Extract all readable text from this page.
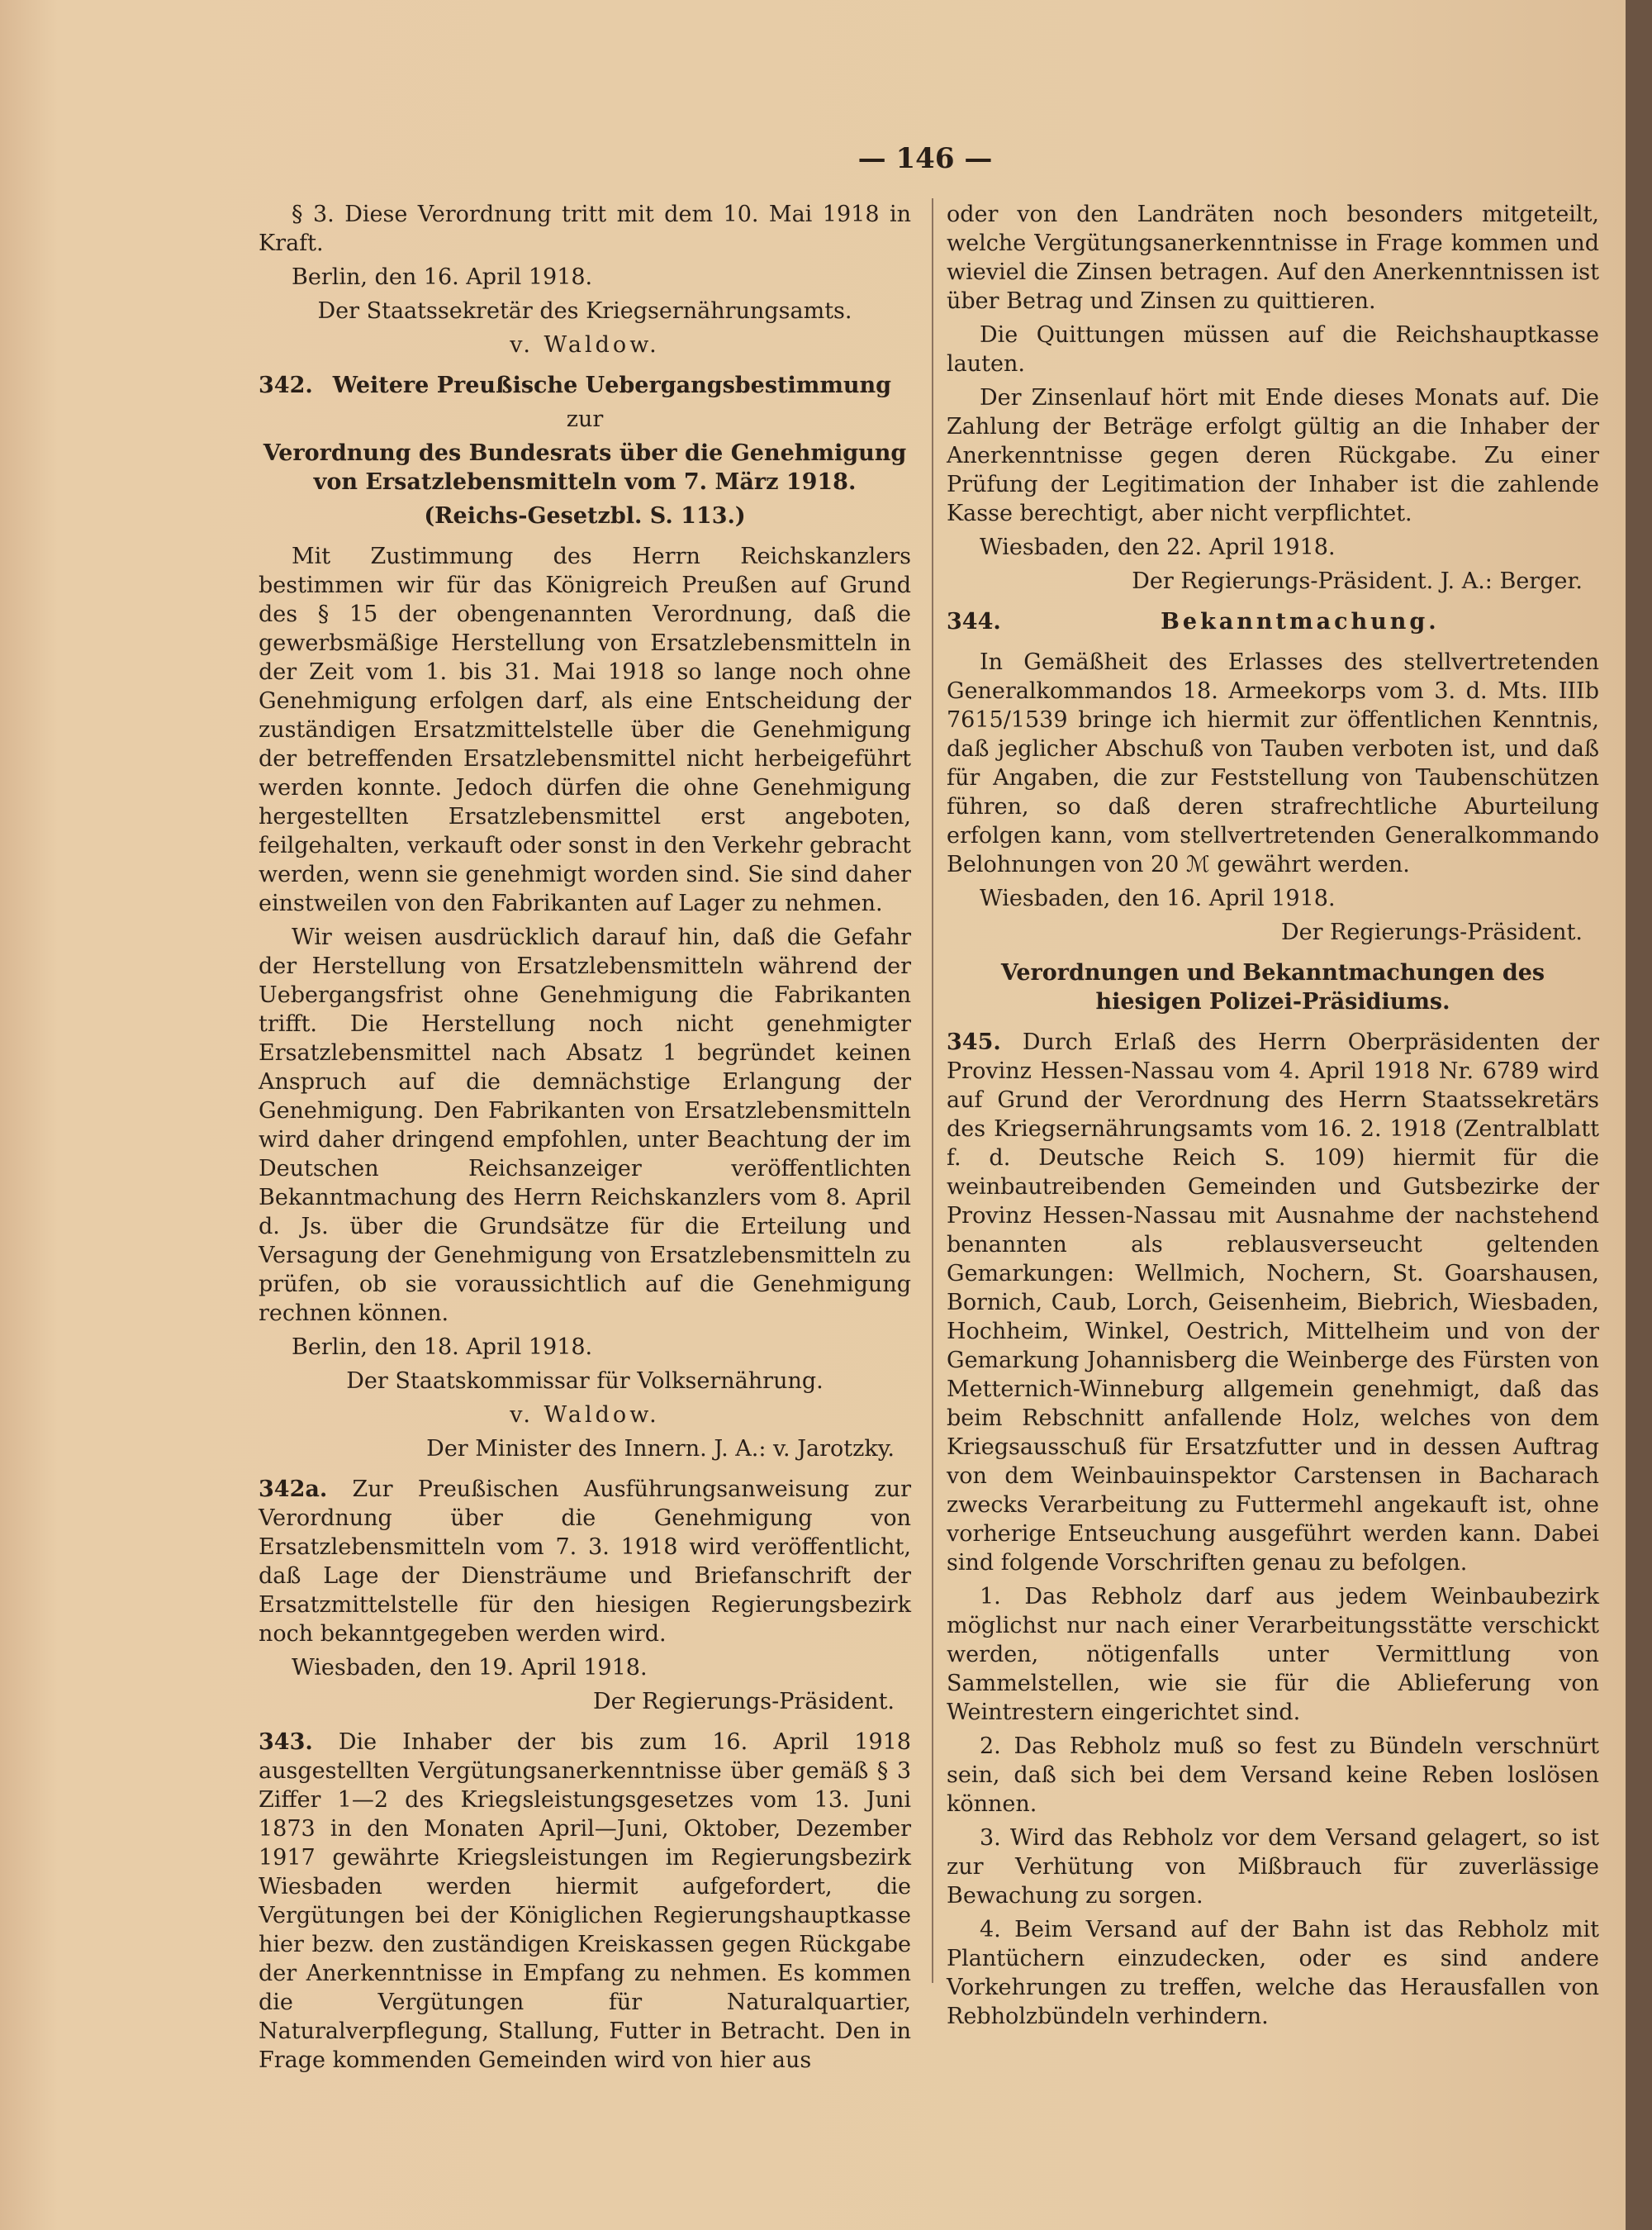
— 146 —

§ 3. Diese Verordnung tritt mit dem 10. Mai 1918 in Kraft.

Berlin, den 16. April 1918.

Der Staatssekretär des Kriegsernährungsamts.

v. Waldow.

342. Weitere Preußische Uebergangsbestimmung

zur

Verordnung des Bundesrats über die Genehmigung von Ersatzlebensmitteln vom 7. März 1918.

(Reichs-Gesetzbl. S. 113.)

Mit Zustimmung des Herrn Reichskanzlers bestimmen wir für das Königreich Preußen auf Grund des § 15 der obengenannten Verordnung, daß die gewerbsmäßige Herstellung von Ersatzlebensmitteln in der Zeit vom 1. bis 31. Mai 1918 so lange noch ohne Genehmigung erfolgen darf, als eine Entscheidung der zuständigen Ersatzmittelstelle über die Genehmigung der betreffenden Ersatzlebensmittel nicht herbeigeführt werden konnte. Jedoch dürfen die ohne Genehmigung hergestellten Ersatzlebensmittel erst angeboten, feilgehalten, verkauft oder sonst in den Verkehr gebracht werden, wenn sie genehmigt worden sind. Sie sind daher einstweilen von den Fabrikanten auf Lager zu nehmen.

Wir weisen ausdrücklich darauf hin, daß die Gefahr der Herstellung von Ersatzlebensmitteln während der Uebergangsfrist ohne Genehmigung die Fabrikanten trifft. Die Herstellung noch nicht genehmigter Ersatzlebensmittel nach Absatz 1 begründet keinen Anspruch auf die demnächstige Erlangung der Genehmigung. Den Fabrikanten von Ersatzlebensmitteln wird daher dringend empfohlen, unter Beachtung der im Deutschen Reichsanzeiger veröffentlichten Bekanntmachung des Herrn Reichskanzlers vom 8. April d. Js. über die Grundsätze für die Erteilung und Versagung der Genehmigung von Ersatzlebensmitteln zu prüfen, ob sie voraussichtlich auf die Genehmigung rechnen können.

Berlin, den 18. April 1918.

Der Staatskommissar für Volksernährung.

v. Waldow.

Der Minister des Innern. J. A.: v. Jarotzky.

342a. Zur Preußischen Ausführungsanweisung zur Verordnung über die Genehmigung von Ersatzlebensmitteln vom 7. 3. 1918 wird veröffentlicht, daß Lage der Diensträume und Briefanschrift der Ersatzmittelstelle für den hiesigen Regierungsbezirk noch bekanntgegeben werden wird.

Wiesbaden, den 19. April 1918.

Der Regierungs-Präsident.

343. Die Inhaber der bis zum 16. April 1918 ausgestellten Vergütungsanerkenntnisse über gemäß § 3 Ziffer 1—2 des Kriegsleistungsgesetzes vom 13. Juni 1873 in den Monaten April—Juni, Oktober, Dezember 1917 gewährte Kriegsleistungen im Regierungsbezirk Wiesbaden werden hiermit aufgefordert, die Vergütungen bei der Königlichen Regierungshauptkasse hier bezw. den zuständigen Kreiskassen gegen Rückgabe der Anerkenntnisse in Empfang zu nehmen. Es kommen die Vergütungen für Naturalquartier, Naturalverpflegung, Stallung, Futter in Betracht. Den in Frage kommenden Gemeinden wird von hier aus

oder von den Landräten noch besonders mitgeteilt, welche Vergütungsanerkenntnisse in Frage kommen und wieviel die Zinsen betragen. Auf den Anerkenntnissen ist über Betrag und Zinsen zu quittieren.

Die Quittungen müssen auf die Reichshauptkasse lauten.

Der Zinsenlauf hört mit Ende dieses Monats auf. Die Zahlung der Beträge erfolgt gültig an die Inhaber der Anerkenntnisse gegen deren Rückgabe. Zu einer Prüfung der Legitimation der Inhaber ist die zahlende Kasse berechtigt, aber nicht verpflichtet.

Wiesbaden, den 22. April 1918.

Der Regierungs-Präsident. J. A.: Berger.

344.	Bekanntmachung.

In Gemäßheit des Erlasses des stellvertretenden Generalkommandos 18. Armeekorps vom 3. d. Mts. IIIb 7615/1539 bringe ich hiermit zur öffentlichen Kenntnis, daß jeglicher Abschuß von Tauben verboten ist, und daß für Angaben, die zur Feststellung von Taubenschützen führen, so daß deren strafrechtliche Aburteilung erfolgen kann, vom stellvertretenden Generalkommando Belohnungen von 20 ℳ gewährt werden.

Wiesbaden, den 16. April 1918.

Der Regierungs-Präsident.

Verordnungen und Bekanntmachungen des hiesigen Polizei-Präsidiums.

345. Durch Erlaß des Herrn Oberpräsidenten der Provinz Hessen-Nassau vom 4. April 1918 Nr. 6789 wird auf Grund der Verordnung des Herrn Staatssekretärs des Kriegsernährungsamts vom 16. 2. 1918 (Zentralblatt f. d. Deutsche Reich S. 109) hiermit für die weinbautreibenden Gemeinden und Gutsbezirke der Provinz Hessen-Nassau mit Ausnahme der nachstehend benannten als reblausverseucht geltenden Gemarkungen: Wellmich, Nochern, St. Goarshausen, Bornich, Caub, Lorch, Geisenheim, Biebrich, Wiesbaden, Hochheim, Winkel, Oestrich, Mittelheim und von der Gemarkung Johannisberg die Weinberge des Fürsten von Metternich-Winneburg allgemein genehmigt, daß das beim Rebschnitt anfallende Holz, welches von dem Kriegsausschuß für Ersatzfutter und in dessen Auftrag von dem Weinbauinspektor Carstensen in Bacharach zwecks Verarbeitung zu Futtermehl angekauft ist, ohne vorherige Entseuchung ausgeführt werden kann. Dabei sind folgende Vorschriften genau zu befolgen.

1. Das Rebholz darf aus jedem Weinbaubezirk möglichst nur nach einer Verarbeitungsstätte verschickt werden, nötigenfalls unter Vermittlung von Sammelstellen, wie sie für die Ablieferung von Weintrestern eingerichtet sind.

2. Das Rebholz muß so fest zu Bündeln verschnürt sein, daß sich bei dem Versand keine Reben loslösen können.

3. Wird das Rebholz vor dem Versand gelagert, so ist zur Verhütung von Mißbrauch für zuverlässige Bewachung zu sorgen.

4. Beim Versand auf der Bahn ist das Rebholz mit Plantüchern einzudecken, oder es sind andere Vorkehrungen zu treffen, welche das Herausfallen von Rebholzbündeln verhindern.
